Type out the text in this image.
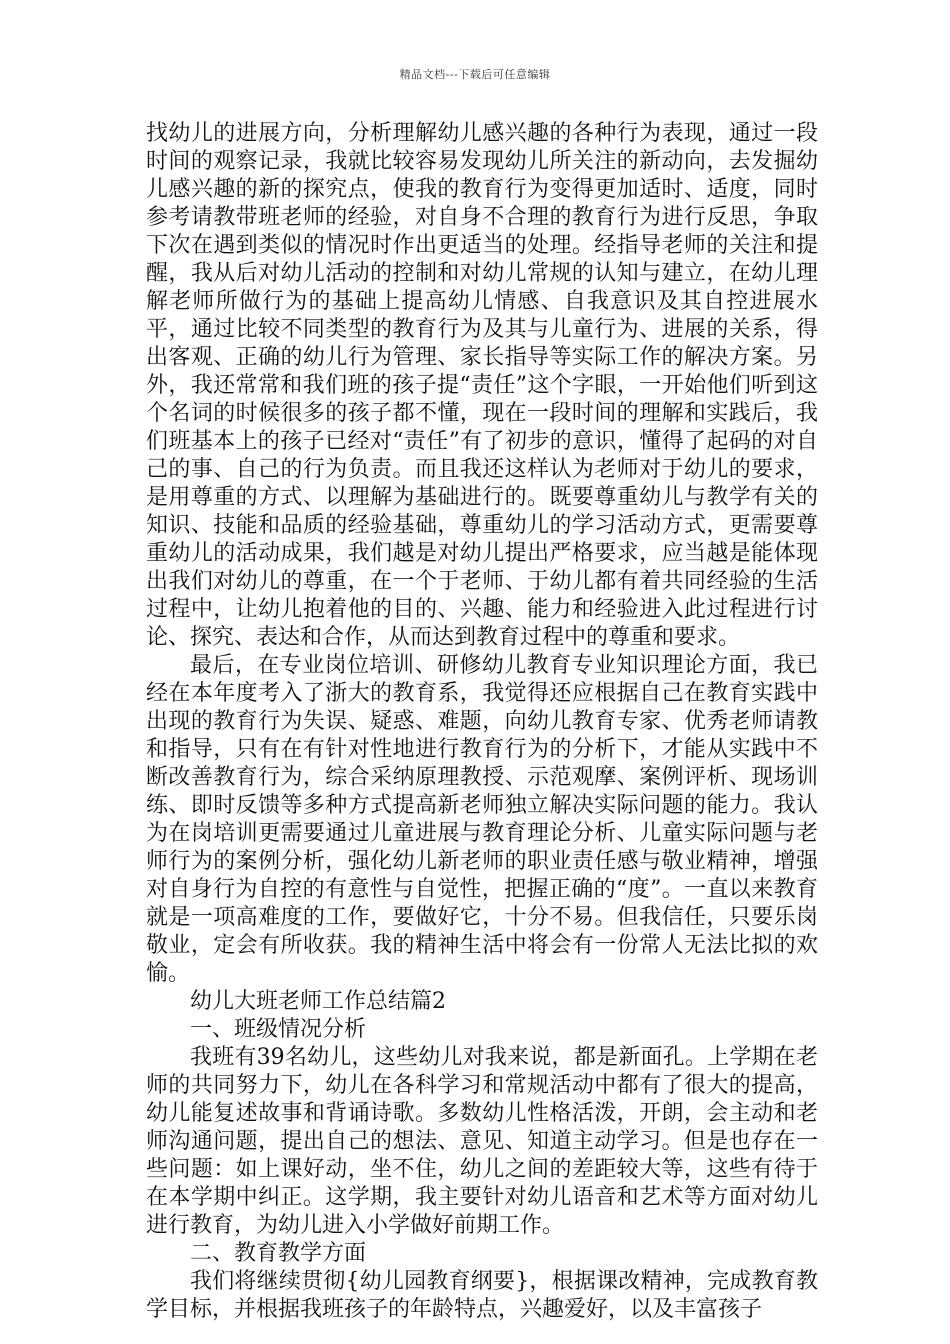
精品文档---下载后可任意编辑

找幼儿的进展方向，分析理解幼儿感兴趣的各种行为表现，通过一段时间的观察记录，我就比较容易发现幼儿所关注的新动向，去发掘幼儿感兴趣的新的探究点，使我的教育行为变得更加适时、适度，同时参考请教带班老师的经验，对自身不合理的教育行为进行反思，争取下次在遇到类似的情况时作出更适当的处理。经指导老师的关注和提醒，我从后对幼儿活动的控制和对幼儿常规的认知与建立，在幼儿理解老师所做行为的基础上提高幼儿情感、自我意识及其自控进展水平，通过比较不同类型的教育行为及其与儿童行为、进展的关系，得出客观、正确的幼儿行为管理、家长指导等实际工作的解决方案。另外，我还常常和我们班的孩子提“责任”这个字眼，一开始他们听到这个名词的时候很多的孩子都不懂，现在一段时间的理解和实践后，我们班基本上的孩子已经对“责任”有了初步的意识，懂得了起码的对自己的事、自己的行为负责。而且我还这样认为老师对于幼儿的要求，是用尊重的方式、以理解为基础进行的。既要尊重幼儿与教学有关的知识、技能和品质的经验基础，尊重幼儿的学习活动方式，更需要尊重幼儿的活动成果，我们越是对幼儿提出严格要求，应当越是能体现出我们对幼儿的尊重，在一个于老师、于幼儿都有着共同经验的生活过程中，让幼儿抱着他的目的、兴趣、能力和经验进入此过程进行讨论、探究、表达和合作，从而达到教育过程中的尊重和要求。

最后，在专业岗位培训、研修幼儿教育专业知识理论方面，我已经在本年度考入了浙大的教育系，我觉得还应根据自己在教育实践中出现的教育行为失误、疑惑、难题，向幼儿教育专家、优秀老师请教和指导，只有在有针对性地进行教育行为的分析下，才能从实践中不断改善教育行为，综合采纳原理教授、示范观摩、案例评析、现场训练、即时反馈等多种方式提高新老师独立解决实际问题的能力。我认为在岗培训更需要通过儿童进展与教育理论分析、儿童实际问题与老师行为的案例分析，强化幼儿新老师的职业责任感与敬业精神，增强对自身行为自控的有意性与自觉性，把握正确的“度”。一直以来教育就是一项高难度的工作，要做好它，十分不易。但我信任，只要乐岗敬业，定会有所收获。我的精神生活中将会有一份常人无法比拟的欢愉。

幼儿大班老师工作总结篇2

一、班级情况分析

我班有39名幼儿，这些幼儿对我来说，都是新面孔。上学期在老师的共同努力下，幼儿在各科学习和常规活动中都有了很大的提高，幼儿能复述故事和背诵诗歌。多数幼儿性格活泼，开朗，会主动和老师沟通问题，提出自己的想法、意见、知道主动学习。但是也存在一些问题：如上课好动，坐不住，幼儿之间的差距较大等，这些有待于在本学期中纠正。这学期，我主要针对幼儿语音和艺术等方面对幼儿进行教育，为幼儿进入小学做好前期工作。

二、教育教学方面

我们将继续贯彻{幼儿园教育纲要}，根据课改精神，完成教育教学目标，并根据我班孩子的年龄特点，兴趣爱好，以及丰富孩子
